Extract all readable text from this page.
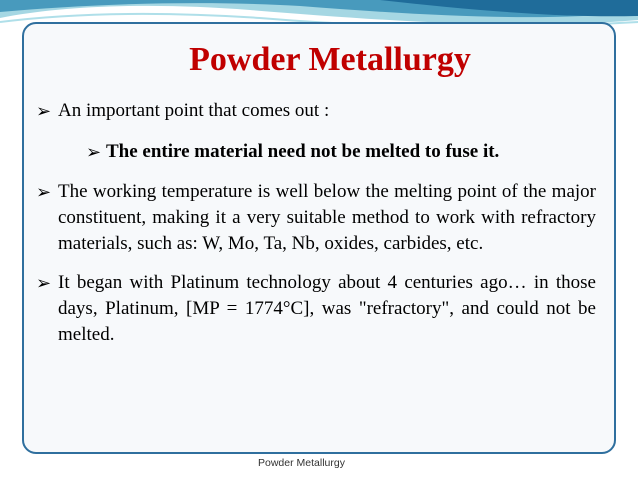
Powder Metallurgy

➢ An important point that comes out :

➢ The entire material need not be melted to fuse it.

➢ The working temperature is well below the melting point of the major constituent, making it a very suitable method to work with refractory materials, such as: W, Mo, Ta, Nb, oxides, carbides, etc.

➢ It began with Platinum technology about 4 centuries ago… in those days, Platinum, [MP = 1774°C], was "refractory", and could not be melted.

Powder Metallurgy
